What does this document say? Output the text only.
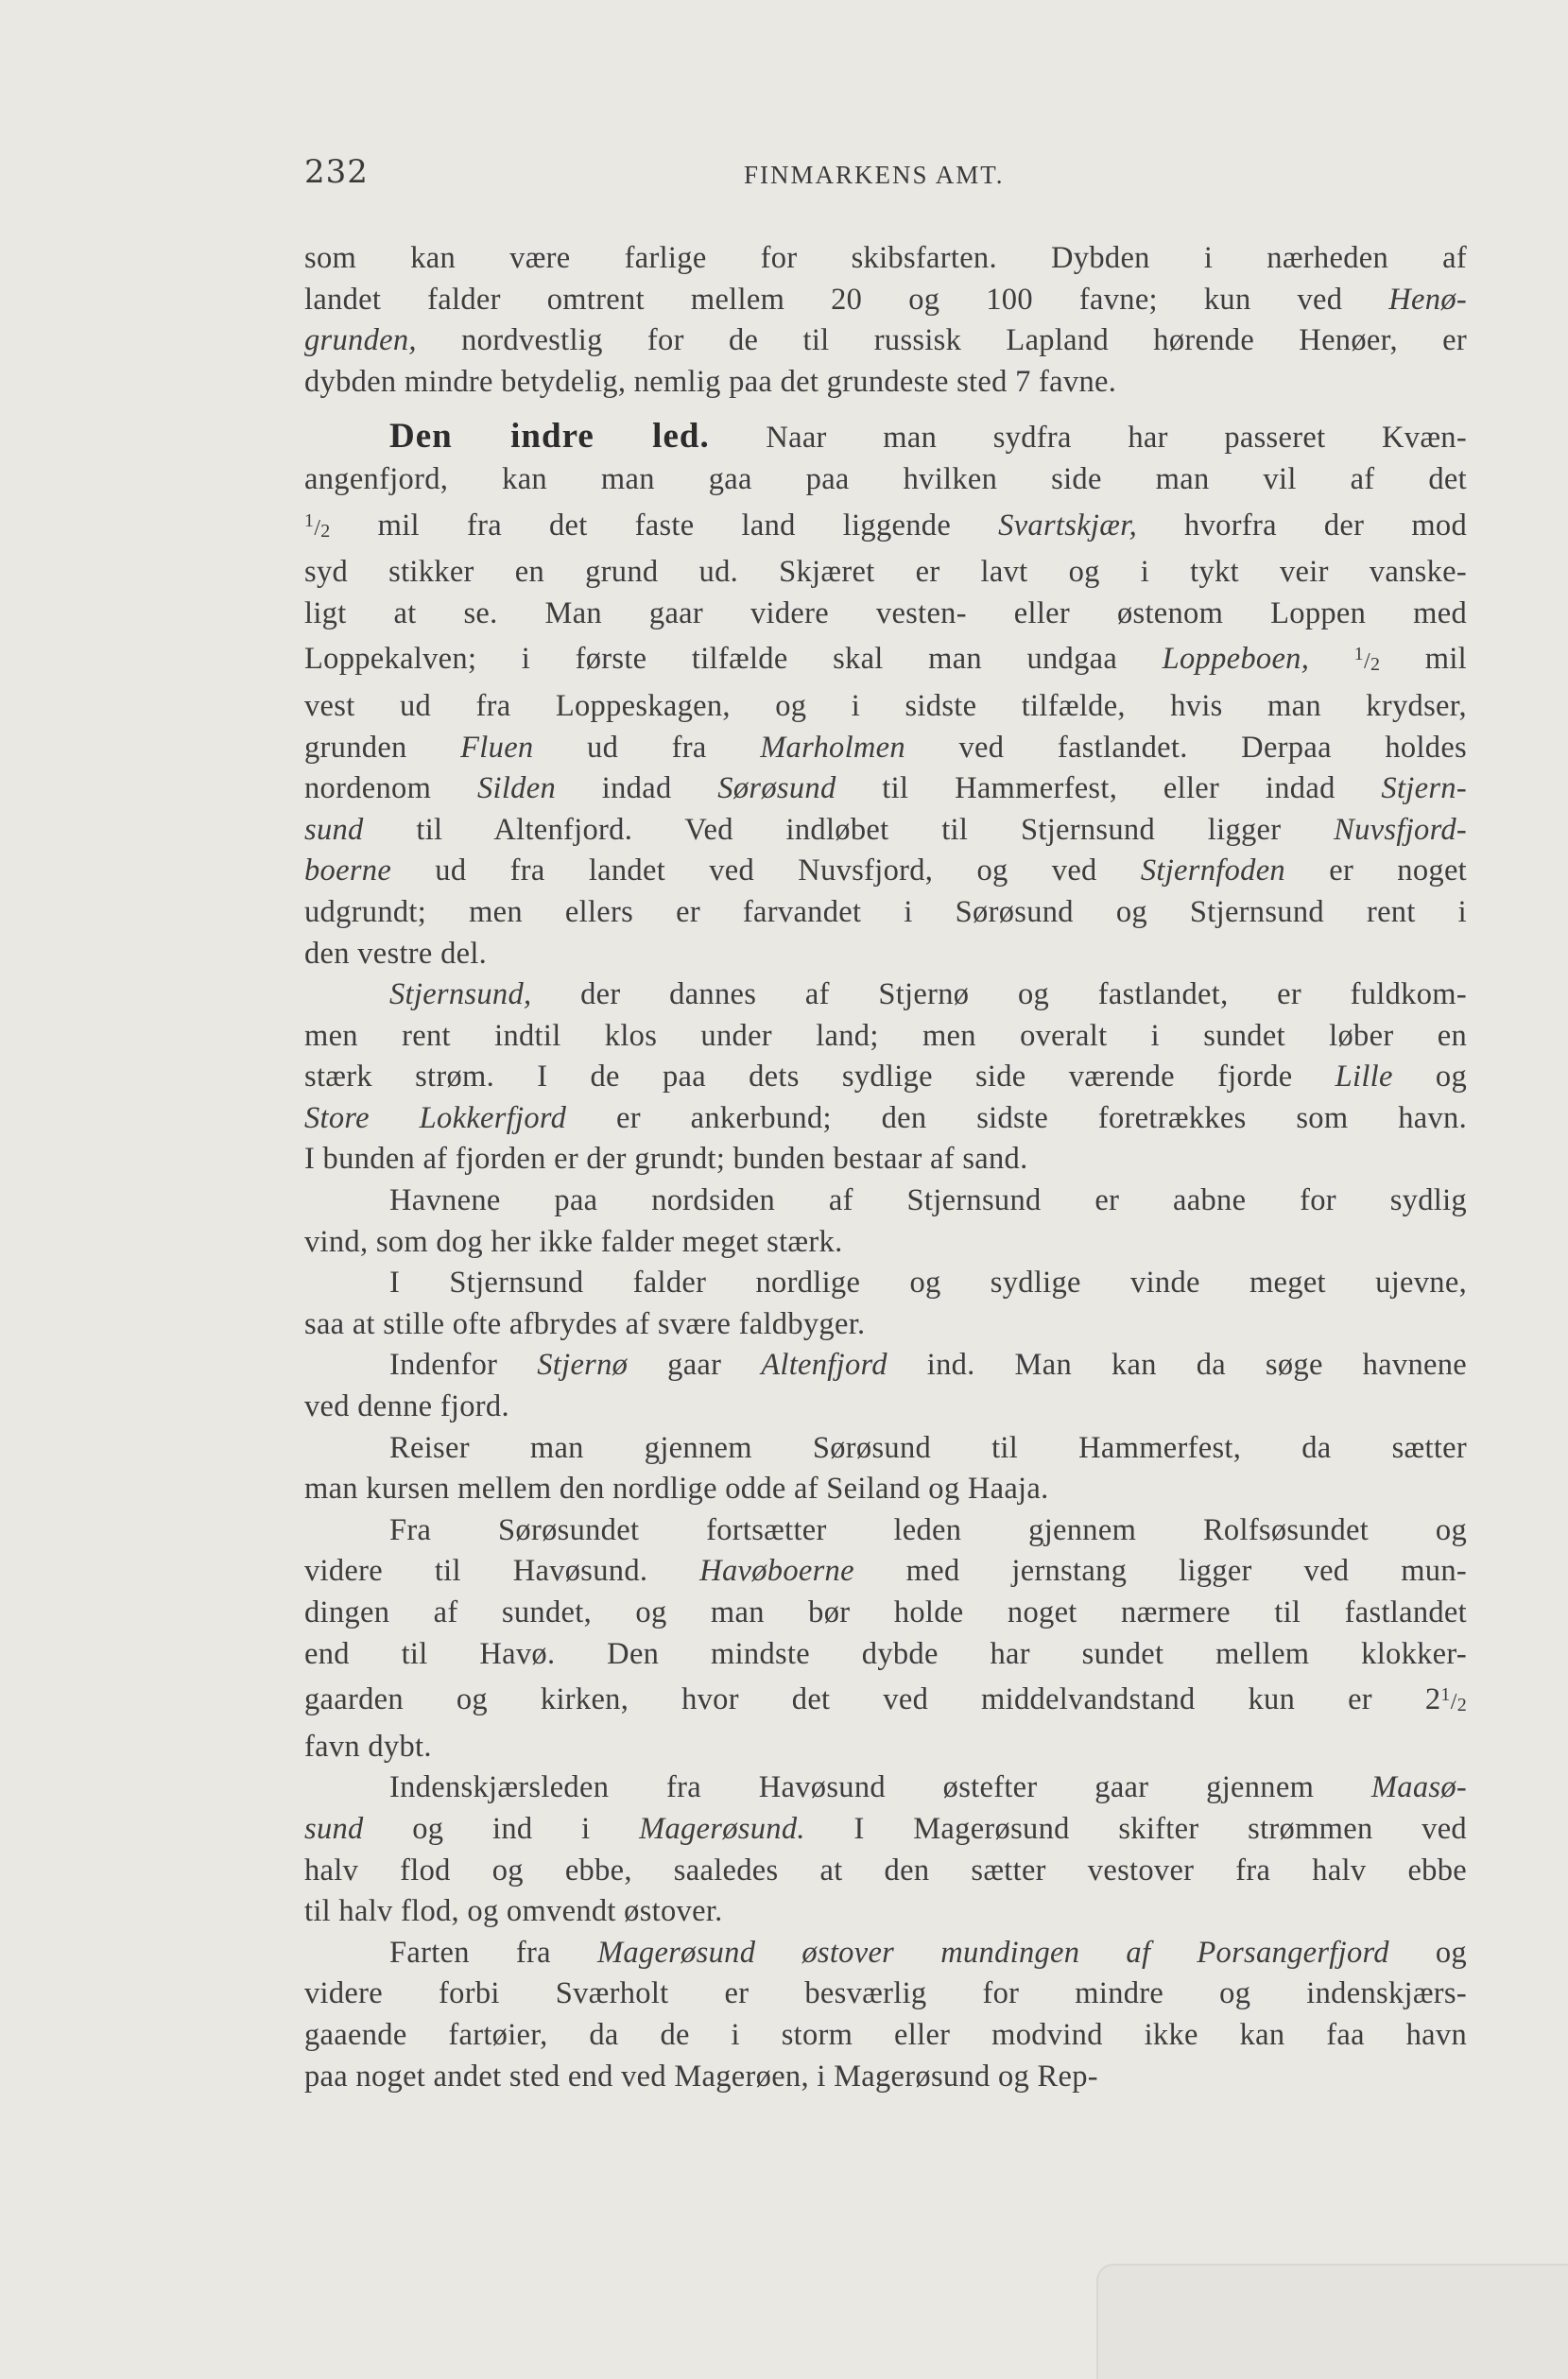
232	FINMARKENS AMT.
som kan være farlige for skibsfarten. Dybden i nærheden af
landet falder omtrent mellem 20 og 100 favne; kun ved Henø-
grunden, nordvestlig for de til russisk Lapland hørende Henøer, er
dybden mindre betydelig, nemlig paa det grundeste sted 7 favne.
Den indre led. Naar man sydfra har passeret Kvæn-
angenfjord, kan man gaa paa hvilken side man vil af det
$^1/_2$ mil fra det faste land liggende Svartskjær, hvorfra der mod
syd stikker en grund ud. Skjæret er lavt og i tykt veir vanske-
ligt at se. Man gaar videre vesten- eller østenom Loppen med
Loppekalven; i første tilfælde skal man undgaa Loppeboen, $^1/_2$ mil
vest ud fra Loppeskagen, og i sidste tilfælde, hvis man krydser,
grunden Fluen ud fra Marholmen ved fastlandet. Derpaa holdes
nordenom Silden indad Sørøsund til Hammerfest, eller indad Stjern-
sund til Altenfjord. Ved indløbet til Stjernsund ligger Nuvsfjord-
boerne ud fra landet ved Nuvsfjord, og ved Stjernfoden er noget
udgrundt; men ellers er farvandet i Sørøsund og Stjernsund rent i
den vestre del.
Stjernsund, der dannes af Stjernø og fastlandet, er fuldkom-
men rent indtil klos under land; men overalt i sundet løber en
stærk strøm. I de paa dets sydlige side værende fjorde Lille og
Store Lokkerfjord er ankerbund; den sidste foretrækkes som havn.
I bunden af fjorden er der grundt; bunden bestaar af sand.
Havnene paa nordsiden af Stjernsund er aabne for sydlig
vind, som dog her ikke falder meget stærk.
I Stjernsund falder nordlige og sydlige vinde meget ujevne,
saa at stille ofte afbrydes af svære faldbyger.
Indenfor Stjernø gaar Altenfjord ind. Man kan da søge havnene
ved denne fjord.
Reiser man gjennem Sørøsund til Hammerfest, da sætter
man kursen mellem den nordlige odde af Seiland og Haaja.
Fra Sørøsundet fortsætter leden gjennem Rolfsøsundet og
videre til Havøsund. Havøboerne med jernstang ligger ved mun-
dingen af sundet, og man bør holde noget nærmere til fastlandet
end til Havø. Den mindste dybde har sundet mellem klokker-
gaarden og kirken, hvor det ved middelvandstand kun er $2^1/_2$
favn dybt.
Indenskjærsleden fra Havøsund østefter gaar gjennem Maasø-
sund og ind i Magerøsund. I Magerøsund skifter strømmen ved
halv flod og ebbe, saaledes at den sætter vestover fra halv ebbe
til halv flod, og omvendt østover.
Farten fra Magerøsund østover mundingen af Porsangerfjord og
videre forbi Sværholt er besværlig for mindre og indenskjærs-
gaaende fartøier, da de i storm eller modvind ikke kan faa havn
paa noget andet sted end ved Magerøen, i Magerøsund og Rep-
